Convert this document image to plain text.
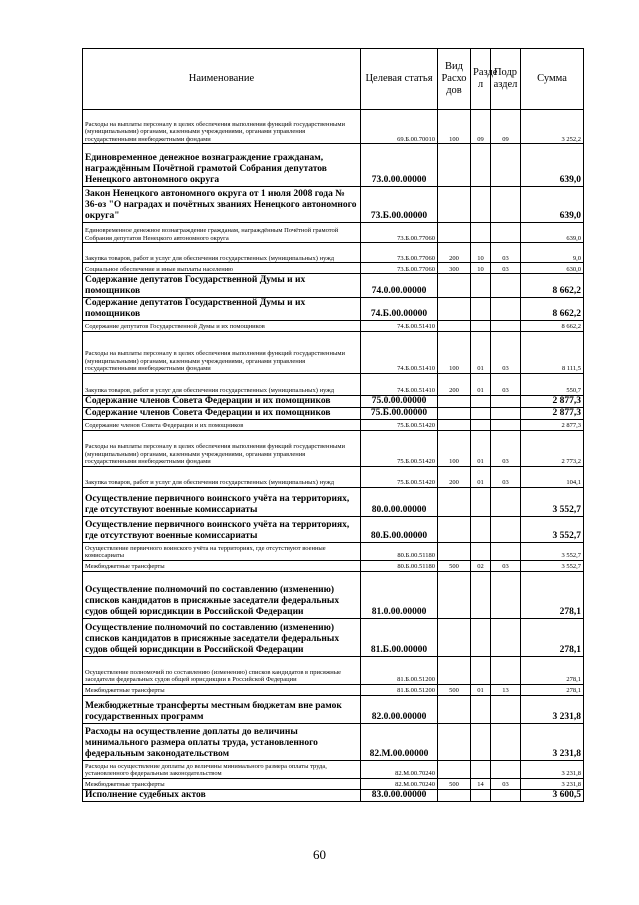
Наименование	Целевая статья	Вид Расхо дов	Разде л	Подр аздел	Сумма
Расходы на выплаты персоналу в целях обеспечения выполнения функций государственными (муниципальными) органами, казенными учреждениями, органами управления государственными внебюджетными фондами	69.Б.00.70010	100	09	09	3 252,2
Единовременное денежное вознаграждение гражданам, награждённым Почётной грамотой Собрания депутатов Ненецкого автономного округа	73.0.00.00000				639,0
Закон Ненецкого автономного округа от 1 июля 2008 года № 36-оз "О наградах и почётных званиях Ненецкого автономного округа"	73.Б.00.00000				639,0
Единовременное денежное вознаграждение гражданам, награждённым Почётной грамотой Собрания депутатов Ненецкого автономного округа	73.Б.00.77060				639,0
Закупка товаров, работ и услуг для обеспечения государственных (муниципальных) нужд	73.Б.00.77060	200	10	03	9,0
Социальное обеспечение и иные выплаты населению	73.Б.00.77060	300	10	03	630,0
Содержание депутатов Государственной Думы и их помощников	74.0.00.00000				8 662,2
Содержание депутатов Государственной Думы и их помощников	74.Б.00.00000				8 662,2
Содержание депутатов Государственной Думы и их помощников	74.Б.00.51410				8 662,2
Расходы на выплаты персоналу в целях обеспечения выполнения функций государственными (муниципальными) органами, казенными учреждениями, органами управления государственными внебюджетными фондами	74.Б.00.51410	100	01	03	8 111,5
Закупка товаров, работ и услуг для обеспечения государственных (муниципальных) нужд	74.Б.00.51410	200	01	03	550,7
Содержание членов Совета Федерации и их помощников	75.0.00.00000				2 877,3
Содержание членов Совета Федерации и их помощников	75.Б.00.00000				2 877,3
Содержание членов Совета Федерации и их помощников	75.Б.00.51420				2 877,3
Расходы на выплаты персоналу в целях обеспечения выполнения функций государственными (муниципальными) органами, казенными учреждениями, органами управления государственными внебюджетными фондами	75.Б.00.51420	100	01	03	2 773,2
Закупка товаров, работ и услуг для обеспечения государственных (муниципальных) нужд	75.Б.00.51420	200	01	03	104,1
Осуществление первичного воинского учёта на территориях, где отсутствуют военные комиссариаты	80.0.00.00000				3 552,7
Осуществление первичного воинского учёта на территориях, где отсутствуют военные комиссариаты	80.Б.00.00000				3 552,7
Осуществление первичного воинского учёта на территориях, где отсутствуют военные комиссариаты	80.Б.00.51180				3 552,7
Межбюджетные трансферты	80.Б.00.51180	500	02	03	3 552,7
Осуществление полномочий по составлению (изменению) списков кандидатов в присяжные заседатели федеральных судов общей юрисдикции в Российской Федерации	81.0.00.00000				278,1
Осуществление полномочий по составлению (изменению) списков кандидатов в присяжные заседатели федеральных судов общей юрисдикции в Российской Федерации	81.Б.00.00000				278,1
Осуществление полномочий по составлению (изменению) списков кандидатов в присяжные заседатели федеральных судов общей юрисдикции в Российской Федерации	81.Б.00.51200				278,1
Межбюджетные трансферты	81.Б.00.51200	500	01	13	278,1
Межбюджетные трансферты местным бюджетам вне рамок государственных программ	82.0.00.00000				3 231,8
Расходы на осуществление доплаты до величины минимального размера оплаты труда, установленного федеральным законодательством	82.М.00.00000				3 231,8
Расходы на осуществление доплаты до величины минимального размера оплаты труда, установленного федеральным законодательством	82.М.00.70240				3 231,8
Межбюджетные трансферты	82.М.00.70240	500	14	03	3 231,8
Исполнение судебных актов	83.0.00.00000				3 600,5
60
